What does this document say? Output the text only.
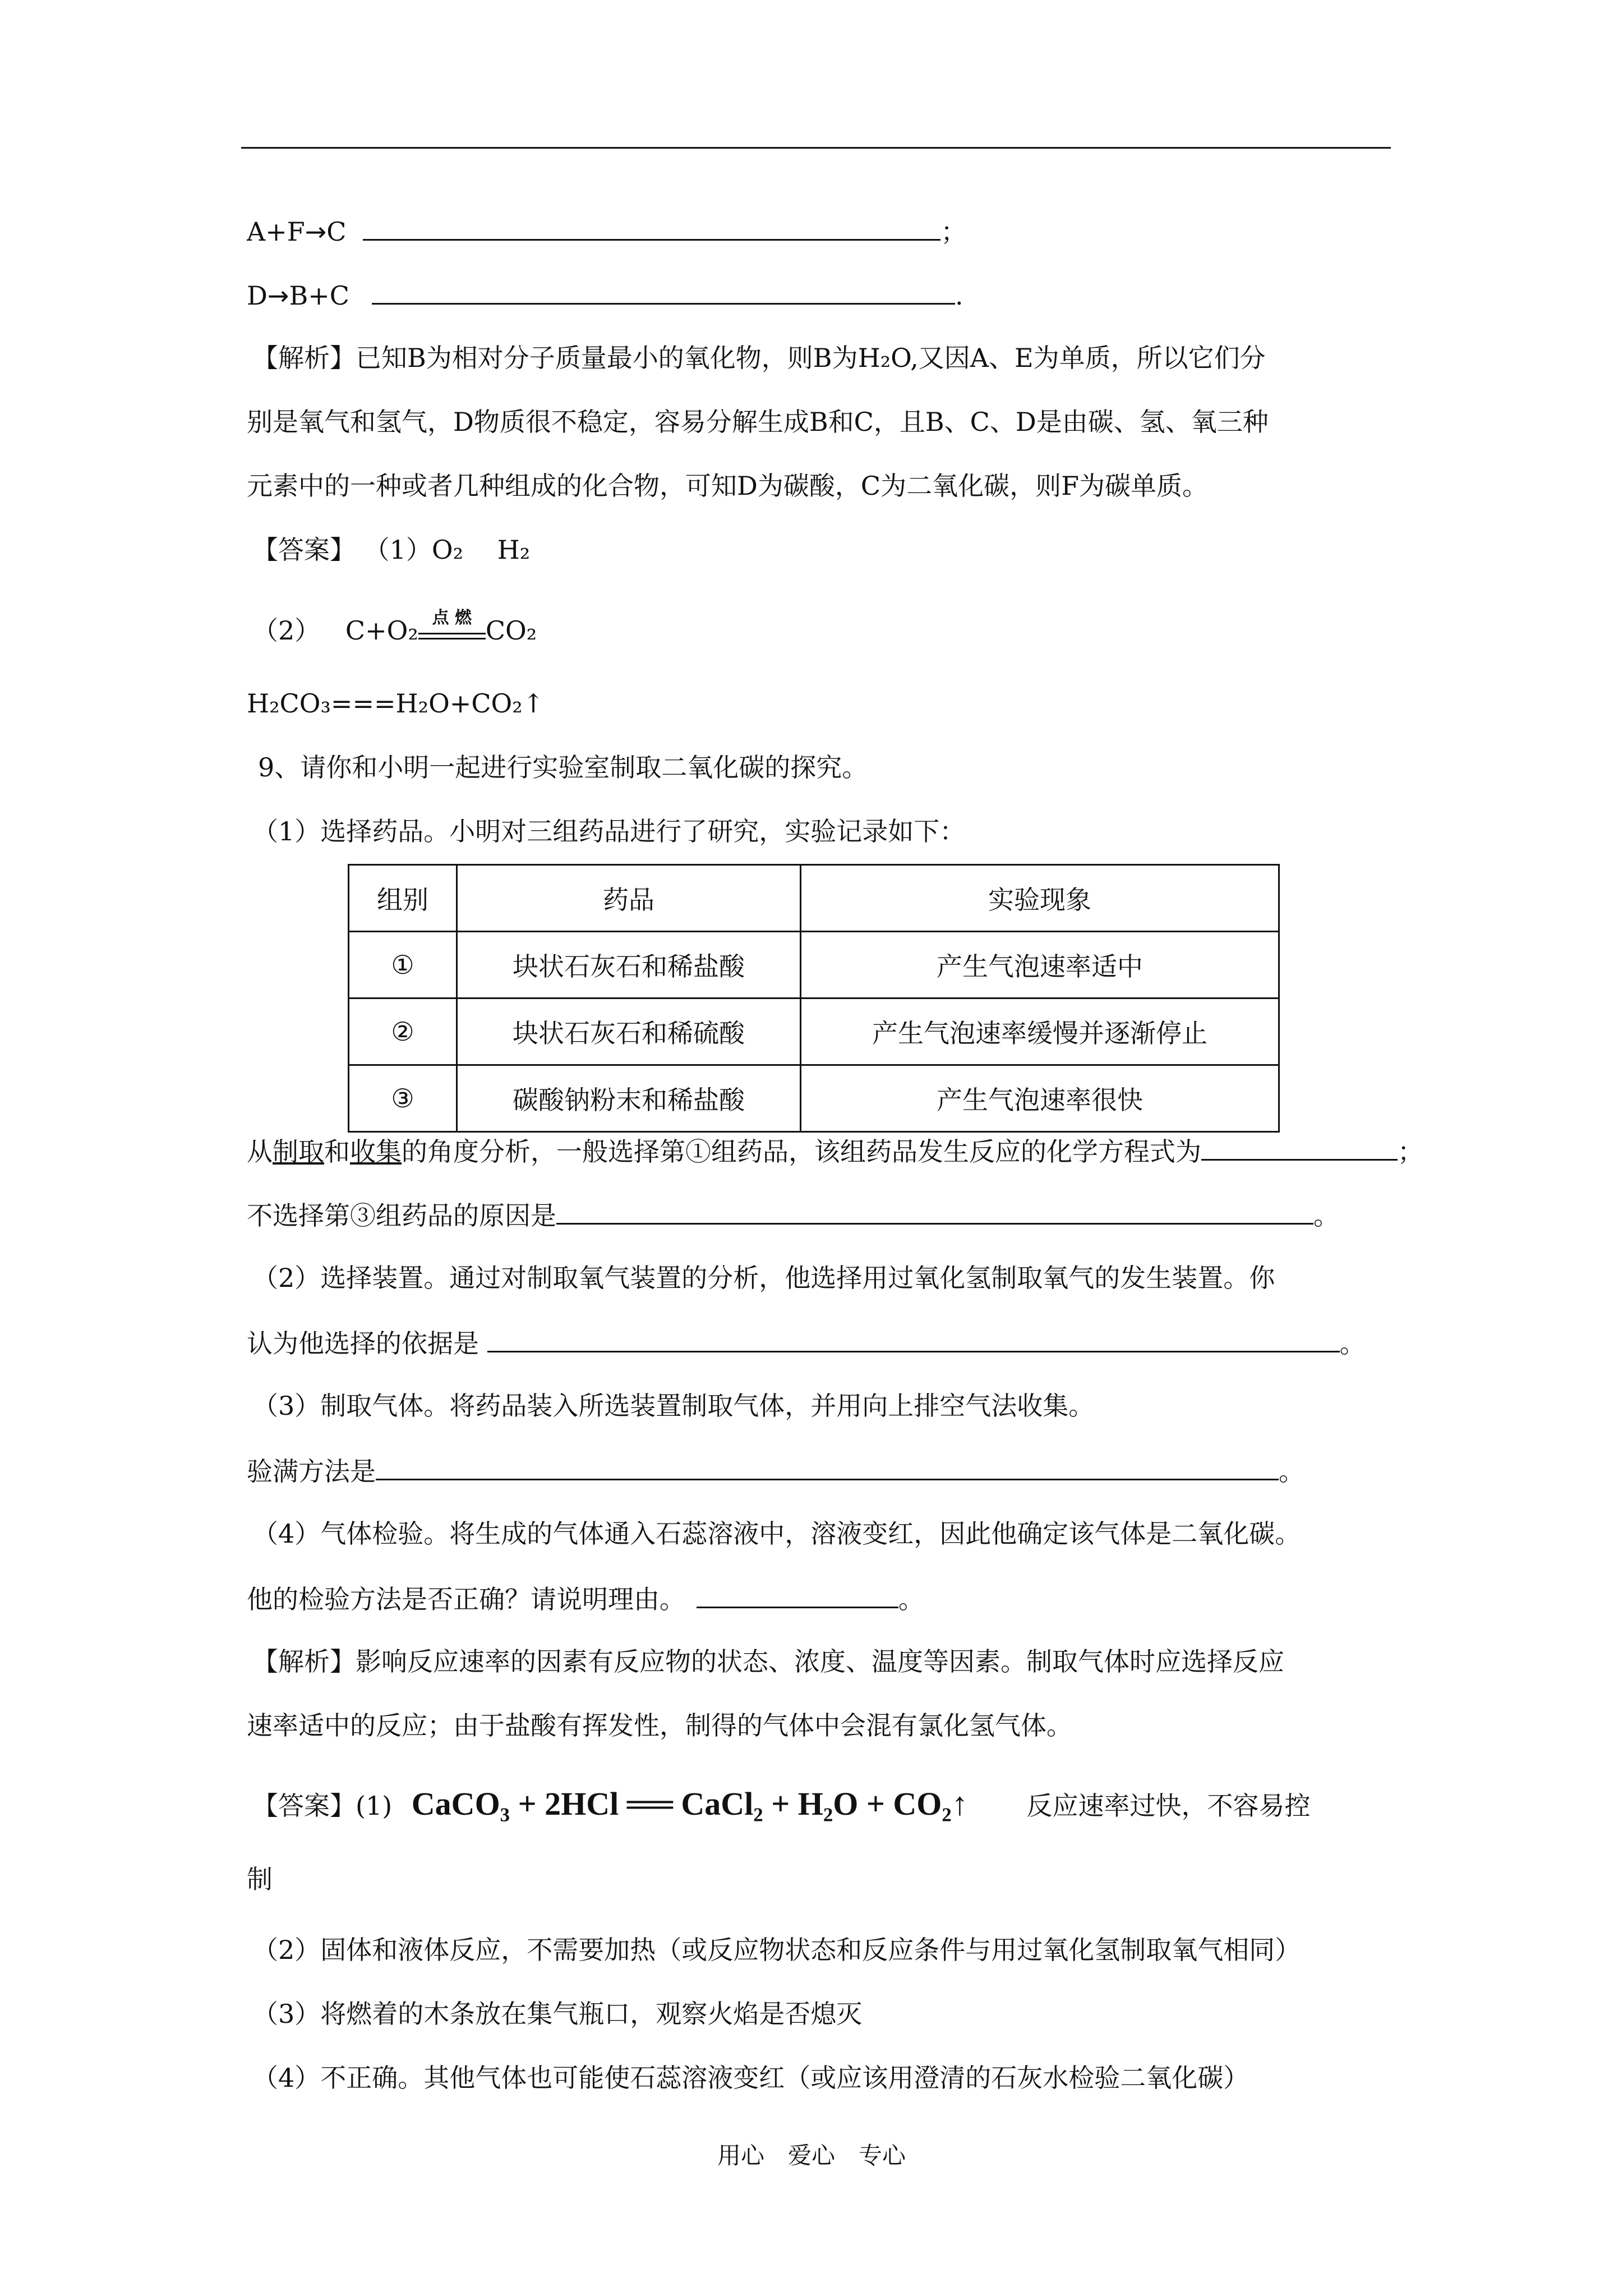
A+F→C	；
D→B+C	.
【解析】已知B为相对分子质量最小的氧化物，则B为H₂O,又因A、E为单质，所以它们分
别是氧气和氢气，D物质很不稳定，容易分解生成B和C，且B、C、D是由碳、氢、氧三种
元素中的一种或者几种组成的化合物，可知D为碳酸，C为二氧化碳，则F为碳单质。
【答案】 （1）O₂　 H₂
（2） C+O₂ 点 燃 CO₂
H₂CO₃===H₂O+CO₂↑
9、请你和小明一起进行实验室制取二氧化碳的探究。
（1）选择药品。小明对三组药品进行了研究，实验记录如下：
组别	药品	实验现象
①	块状石灰石和稀盐酸	产生气泡速率适中
②	块状石灰石和稀硫酸	产生气泡速率缓慢并逐渐停止
③	碳酸钠粉末和稀盐酸	产生气泡速率很快
从制取和收集的角度分析，一般选择第①组药品，该组药品发生反应的化学方程式为	；
不选择第③组药品的原因是	。
（2）选择装置。通过对制取氧气装置的分析，他选择用过氧化氢制取氧气的发生装置。你
认为他选择的依据是	。
（3）制取气体。将药品装入所选装置制取气体，并用向上排空气法收集。
验满方法是	。
（4）气体检验。将生成的气体通入石蕊溶液中，溶液变红，因此他确定该气体是二氧化碳。
他的检验方法是否正确？请说明理由。	。
【解析】影响反应速率的因素有反应物的状态、浓度、温度等因素。制取气体时应选择反应
速率适中的反应；由于盐酸有挥发性，制得的气体中会混有氯化氢气体。
【答案】(1) CaCO₃ + 2HCl ══ CaCl₂ + H₂O + CO₂↑ 反应速率过快，不容易控
制
（2）固体和液体反应，不需要加热（或反应物状态和反应条件与用过氧化氢制取氧气相同）
（3）将燃着的木条放在集气瓶口，观察火焰是否熄灭
（4）不正确。其他气体也可能使石蕊溶液变红（或应该用澄清的石灰水检验二氧化碳）
用心　爱心　专心
